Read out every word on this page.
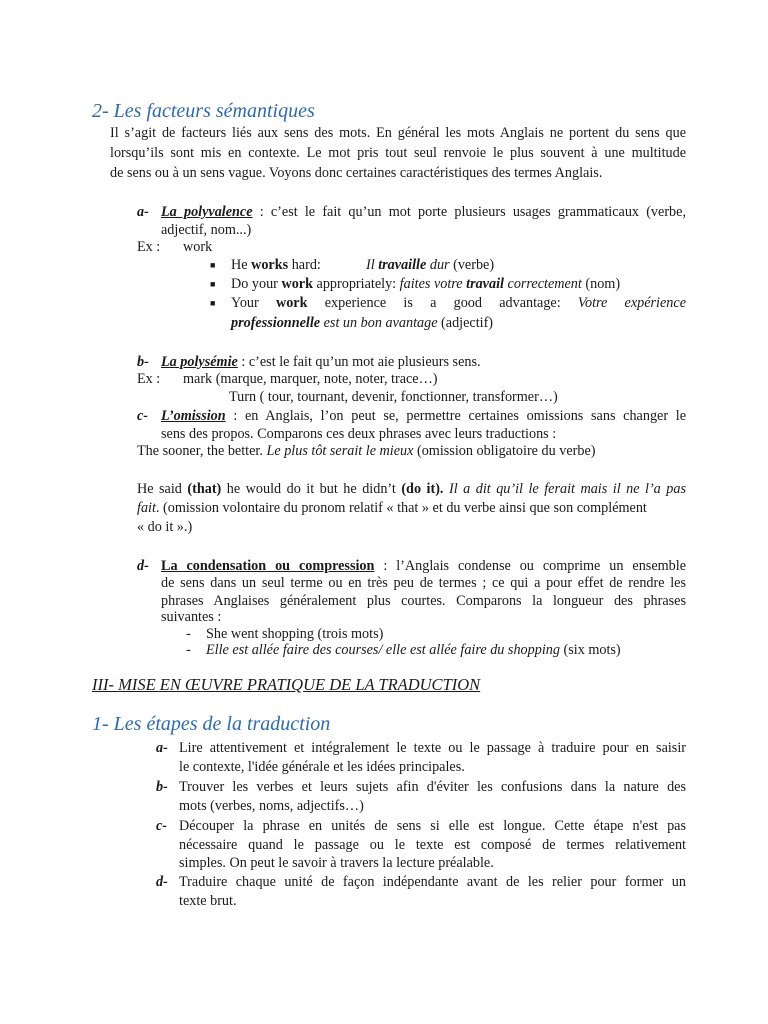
2- Les facteurs sémantiques
Il s’agit de facteurs liés aux sens des mots. En général les mots Anglais ne portent du sens que
lorsqu’ils sont mis en contexte. Le mot pris tout seul renvoie le plus souvent à une multitude
de sens ou à un sens vague. Voyons donc certaines caractéristiques des termes Anglais.
a- La polyvalence : c’est le fait qu’un mot porte plusieurs usages grammaticaux (verbe,
adjectif, nom...)
Ex : work
■ He works hard:	Il travaille dur (verbe)
■ Do your work appropriately: faites votre travail correctement (nom)
■ Your work experience is a good advantage: Votre expérience
professionnelle est un bon avantage (adjectif)
b- La polysémie : c’est le fait qu’un mot aie plusieurs sens.
Ex : mark (marque, marquer, note, noter, trace…)
Turn ( tour, tournant, devenir, fonctionner, transformer…)
c- L’omission : en Anglais, l’on peut se, permettre certaines omissions sans changer le
sens des propos. Comparons ces deux phrases avec leurs traductions :
The sooner, the better. Le plus tôt serait le mieux (omission obligatoire du verbe)
He said (that) he would do it but he didn’t (do it). Il a dit qu’il le ferait mais il ne l’a pas
fait. (omission volontaire du pronom relatif « that » et du verbe ainsi que son complément
« do it ».)
d- La condensation ou compression : l’Anglais condense ou comprime un ensemble
de sens dans un seul terme ou en très peu de termes ; ce qui a pour effet de rendre les
phrases Anglaises généralement plus courtes. Comparons la longueur des phrases
suivantes :
- She went shopping (trois mots)
- Elle est allée faire des courses/ elle est allée faire du shopping (six mots)
III- MISE EN ŒUVRE PRATIQUE DE LA TRADUCTION
1- Les étapes de la traduction
a- Lire attentivement et intégralement le texte ou le passage à traduire pour en saisir
le contexte, l'idée générale et les idées principales.
b- Trouver les verbes et leurs sujets afin d'éviter les confusions dans la nature des
mots (verbes, noms, adjectifs…)
c- Découper la phrase en unités de sens si elle est longue. Cette étape n'est pas
nécessaire quand le passage ou le texte est composé de termes relativement
simples. On peut le savoir à travers la lecture préalable.
d- Traduire chaque unité de façon indépendante avant de les relier pour former un
texte brut.
